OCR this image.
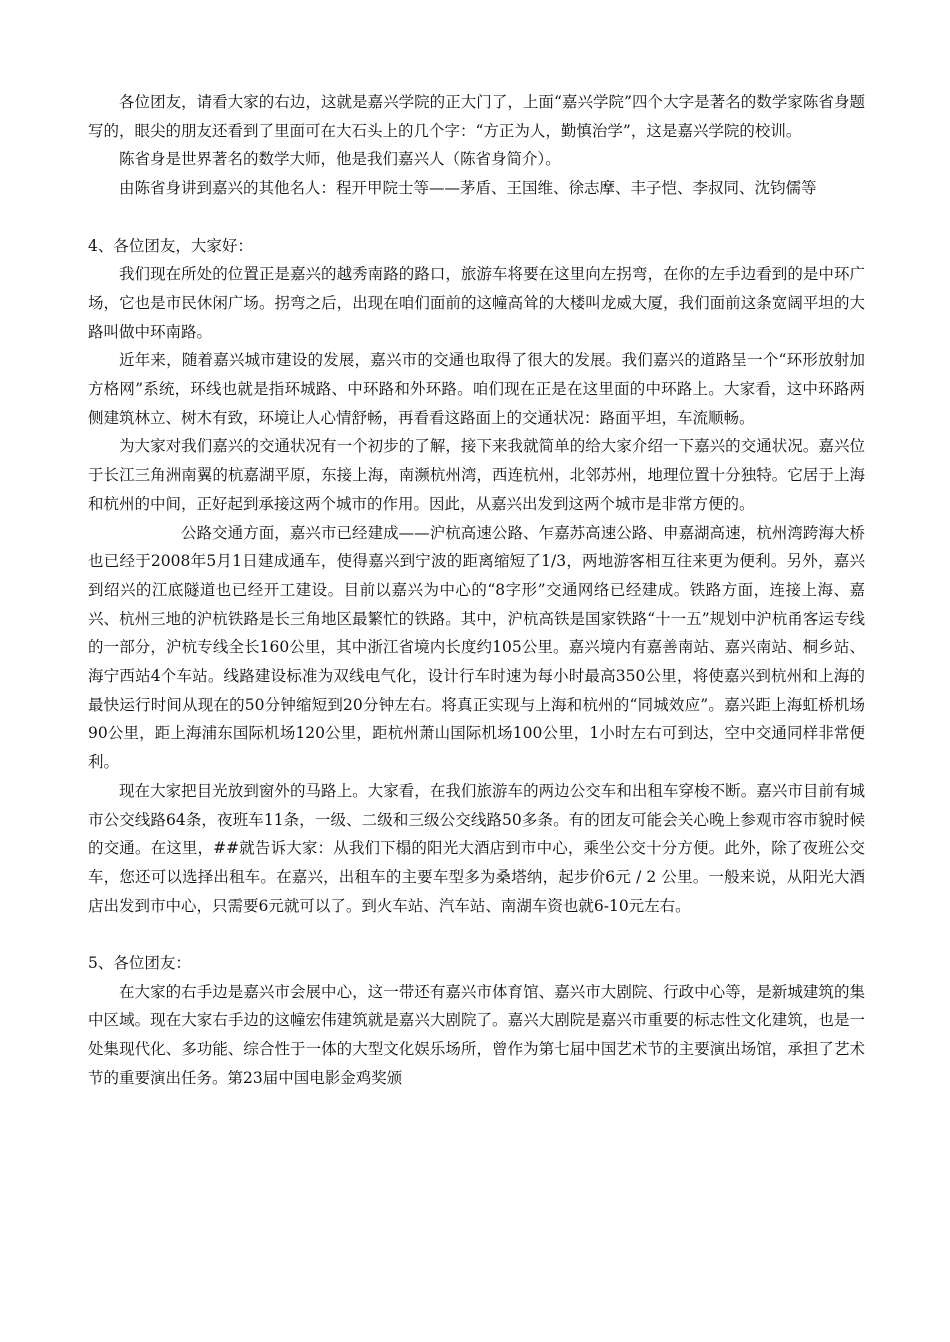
各位团友，请看大家的右边，这就是嘉兴学院的正大门了，上面“嘉兴学院”四个大字是著名的数学家陈省身题写的，眼尖的朋友还看到了里面可在大石头上的几个字：“方正为人，勤慎治学”，这是嘉兴学院的校训。

陈省身是世界著名的数学大师，他是我们嘉兴人（陈省身简介）。

由陈省身讲到嘉兴的其他名人：程开甲院士等——茅盾、王国维、徐志摩、丰子恺、李叔同、沈钧儒等

4、各位团友，大家好：

我们现在所处的位置正是嘉兴的越秀南路的路口，旅游车将要在这里向左拐弯，在你的左手边看到的是中环广场，它也是市民休闲广场。拐弯之后，出现在咱们面前的这幢高耸的大楼叫龙威大厦，我们面前这条宽阔平坦的大路叫做中环南路。

近年来，随着嘉兴城市建设的发展，嘉兴市的交通也取得了很大的发展。我们嘉兴的道路呈一个“环形放射加方格网”系统，环线也就是指环城路、中环路和外环路。咱们现在正是在这里面的中环路上。大家看，这中环路两侧建筑林立、树木有致，环境让人心情舒畅，再看看这路面上的交通状况：路面平坦，车流顺畅。

为大家对我们嘉兴的交通状况有一个初步的了解，接下来我就简单的给大家介绍一下嘉兴的交通状况。嘉兴位于长江三角洲南翼的杭嘉湖平原，东接上海，南濒杭州湾，西连杭州，北邻苏州，地理位置十分独特。它居于上海和杭州的中间，正好起到承接这两个城市的作用。因此，从嘉兴出发到这两个城市是非常方便的。

公路交通方面，嘉兴市已经建成——沪杭高速公路、乍嘉苏高速公路、申嘉湖高速，杭州湾跨海大桥也已经于2008年5月1日建成通车，使得嘉兴到宁波的距离缩短了1/3，两地游客相互往来更为便利。另外，嘉兴到绍兴的江底隧道也已经开工建设。目前以嘉兴为中心的“8字形”交通网络已经建成。铁路方面，连接上海、嘉兴、杭州三地的沪杭铁路是长三角地区最繁忙的铁路。其中，沪杭高铁是国家铁路“十一五”规划中沪杭甬客运专线的一部分，沪杭专线全长160公里，其中浙江省境内长度约105公里。嘉兴境内有嘉善南站、嘉兴南站、桐乡站、海宁西站4个车站。线路建设标准为双线电气化，设计行车时速为每小时最高350公里，将使嘉兴到杭州和上海的最快运行时间从现在的50分钟缩短到20分钟左右。将真正实现与上海和杭州的“同城效应”。嘉兴距上海虹桥机场90公里，距上海浦东国际机场120公里，距杭州萧山国际机场100公里，1小时左右可到达，空中交通同样非常便利。

现在大家把目光放到窗外的马路上。大家看，在我们旅游车的两边公交车和出租车穿梭不断。嘉兴市目前有城市公交线路64条，夜班车11条，一级、二级和三级公交线路50多条。有的团友可能会关心晚上参观市容市貌时候的交通。在这里，##就告诉大家：从我们下榻的阳光大酒店到市中心，乘坐公交十分方便。此外，除了夜班公交车，您还可以选择出租车。在嘉兴，出租车的主要车型多为桑塔纳，起步价6元 / 2 公里。一般来说，从阳光大酒店出发到市中心，只需要6元就可以了。到火车站、汽车站、南湖车资也就6-10元左右。

5、各位团友：

在大家的右手边是嘉兴市会展中心，这一带还有嘉兴市体育馆、嘉兴市大剧院、行政中心等，是新城建筑的集中区域。现在大家右手边的这幢宏伟建筑就是嘉兴大剧院了。嘉兴大剧院是嘉兴市重要的标志性文化建筑，也是一处集现代化、多功能、综合性于一体的大型文化娱乐场所，曾作为第七届中国艺术节的主要演出场馆，承担了艺术节的重要演出任务。第23届中国电影金鸡奖颁
